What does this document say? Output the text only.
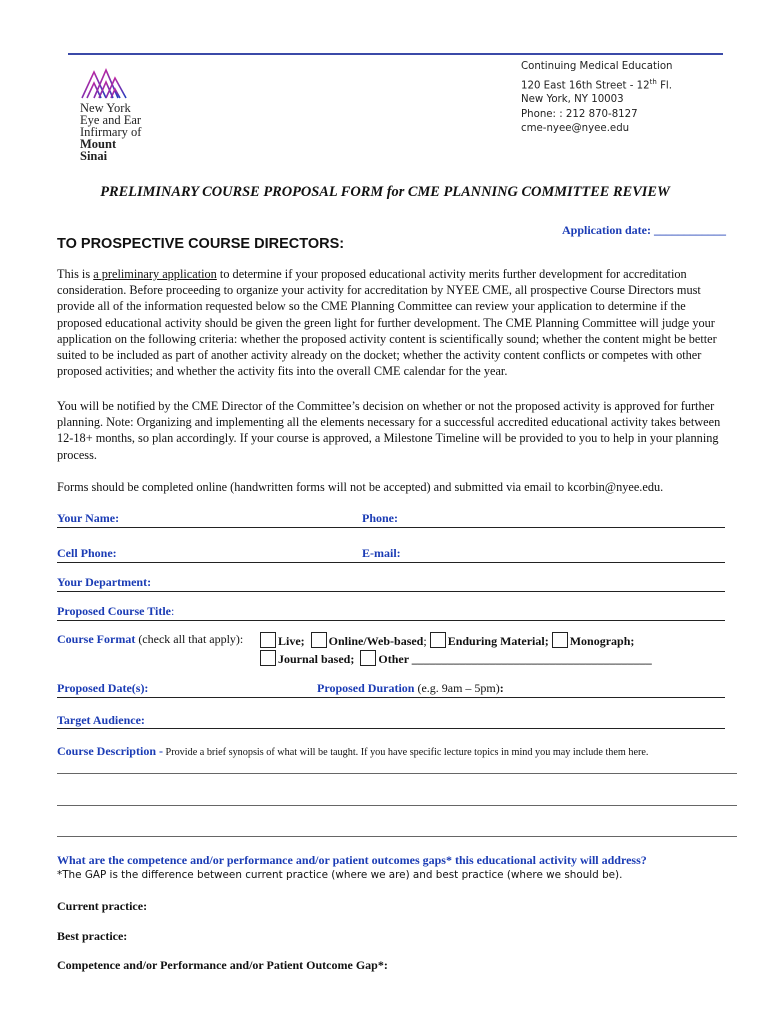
New York
Eye and Ear
Infirmary of
Mount
Sinai
Continuing Medical Education
120 East 16th Street - 12th Fl.
New York, NY 10003
Phone: : 212 870-8127
cme-nyee@nyee.edu
PRELIMINARY COURSE PROPOSAL FORM for CME PLANNING COMMITTEE REVIEW
Application date: ____________
TO PROSPECTIVE COURSE DIRECTORS:

This is a preliminary application to determine if your proposed educational activity merits further development for accreditation consideration. Before proceeding to organize your activity for accreditation by NYEE CME, all prospective Course Directors must provide all of the information requested below so the CME Planning Committee can review your application to determine if the proposed educational activity should be given the green light for further development. The CME Planning Committee will judge your application on the following criteria: whether the proposed activity content is scientifically sound; whether the content might be better suited to be included as part of another activity already on the docket; whether the activity content conflicts or competes with other proposed activities; and whether the activity fits into the overall CME calendar for the year.

You will be notified by the CME Director of the Committee’s decision on whether or not the proposed activity is approved for further planning. Note: Organizing and implementing all the elements necessary for a successful accredited educational activity takes between 12-18+ months, so plan accordingly. If your course is approved, a Milestone Timeline will be provided to you to help in your planning process.

Forms should be completed online (handwritten forms will not be accepted) and submitted via email to kcorbin@nyee.edu.

Your Name:	Phone:
Cell Phone:	E-mail:
Your Department:
Proposed Course Title:
Course Format (check all that apply):	Live; Online/Web-based; Enduring Material; Monograph;
Journal based; Other ________________________________________
Proposed Date(s):	Proposed Duration (e.g. 9am – 5pm):
Target Audience:
Course Description - Provide a brief synopsis of what will be taught. If you have specific lecture topics in mind you may include them here.
What are the competence and/or performance and/or patient outcomes gaps* this educational activity will address?
*The GAP is the difference between current practice (where we are) and best practice (where we should be).
Current practice:
Best practice:
Competence and/or Performance and/or Patient Outcome Gap*:
